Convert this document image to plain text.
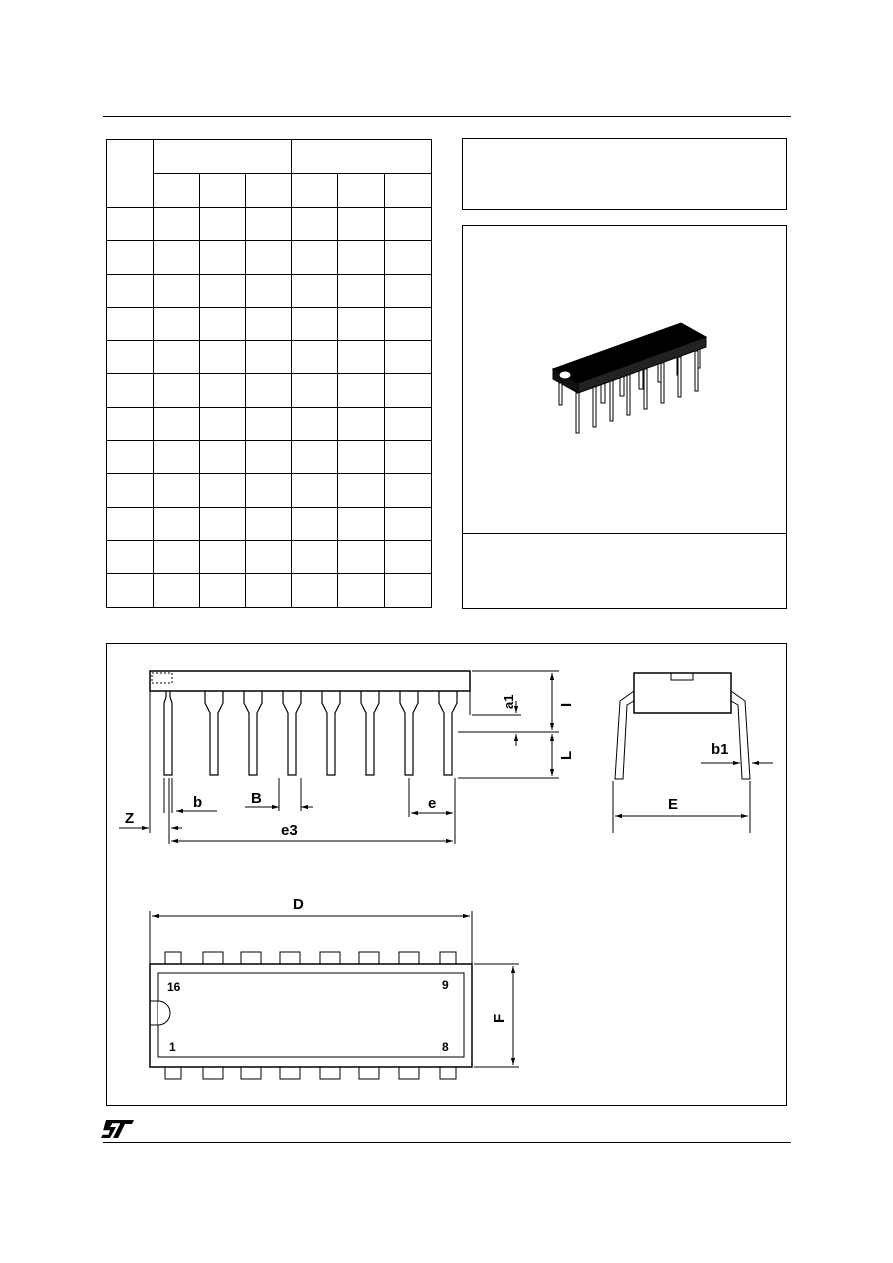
a1	I
L
Z
b	B	e
e3
b1
E
D
F
16	9
1	8
